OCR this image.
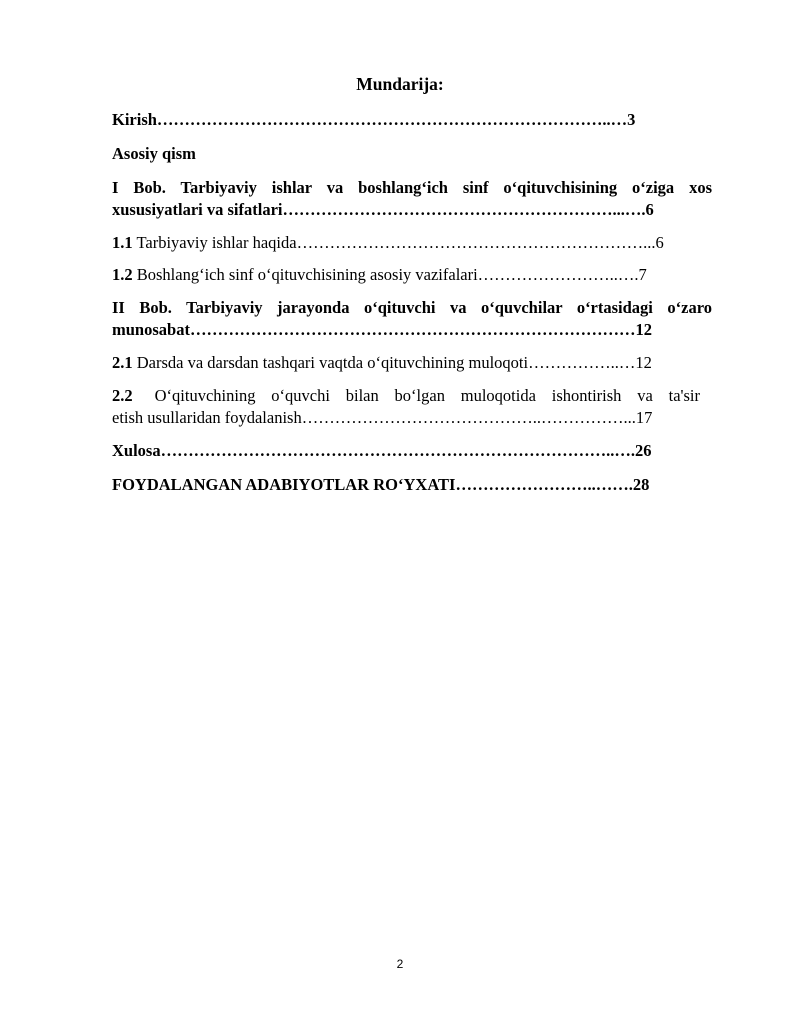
Mundarija:
Kirish………………………………………………………………………..…3
Asosiy qism
I Bob. Tarbiyaviy ishlar va boshlang‘ich sinf o‘qituvchisining o‘ziga xos
xususiyatlari va sifatlari……………………………………………………...….6
1.1 Tarbiyaviy ishlar haqida………………………………………………………...6
1.2 Boshlang‘ich sinf o‘qituvchisining asosiy vazifalari……………………..….7
II Bob. Tarbiyaviy jarayonda o‘qituvchi va o‘quvchilar o‘rtasidagi o‘zaro
munosabat………………………………………………………………………12
2.1 Darsda va darsdan tashqari vaqtda o‘qituvchining muloqoti……………..…12
2.2 O‘qituvchining o‘quvchi bilan bo‘lgan muloqotida ishontirish va ta'sir
etish usullaridan foydalanish……………………………………..……………...17
Xulosa………………………………………………………………………..….26
FOYDALANGAN ADABIYOTLAR RO‘YXATI……………………..…….28
2
